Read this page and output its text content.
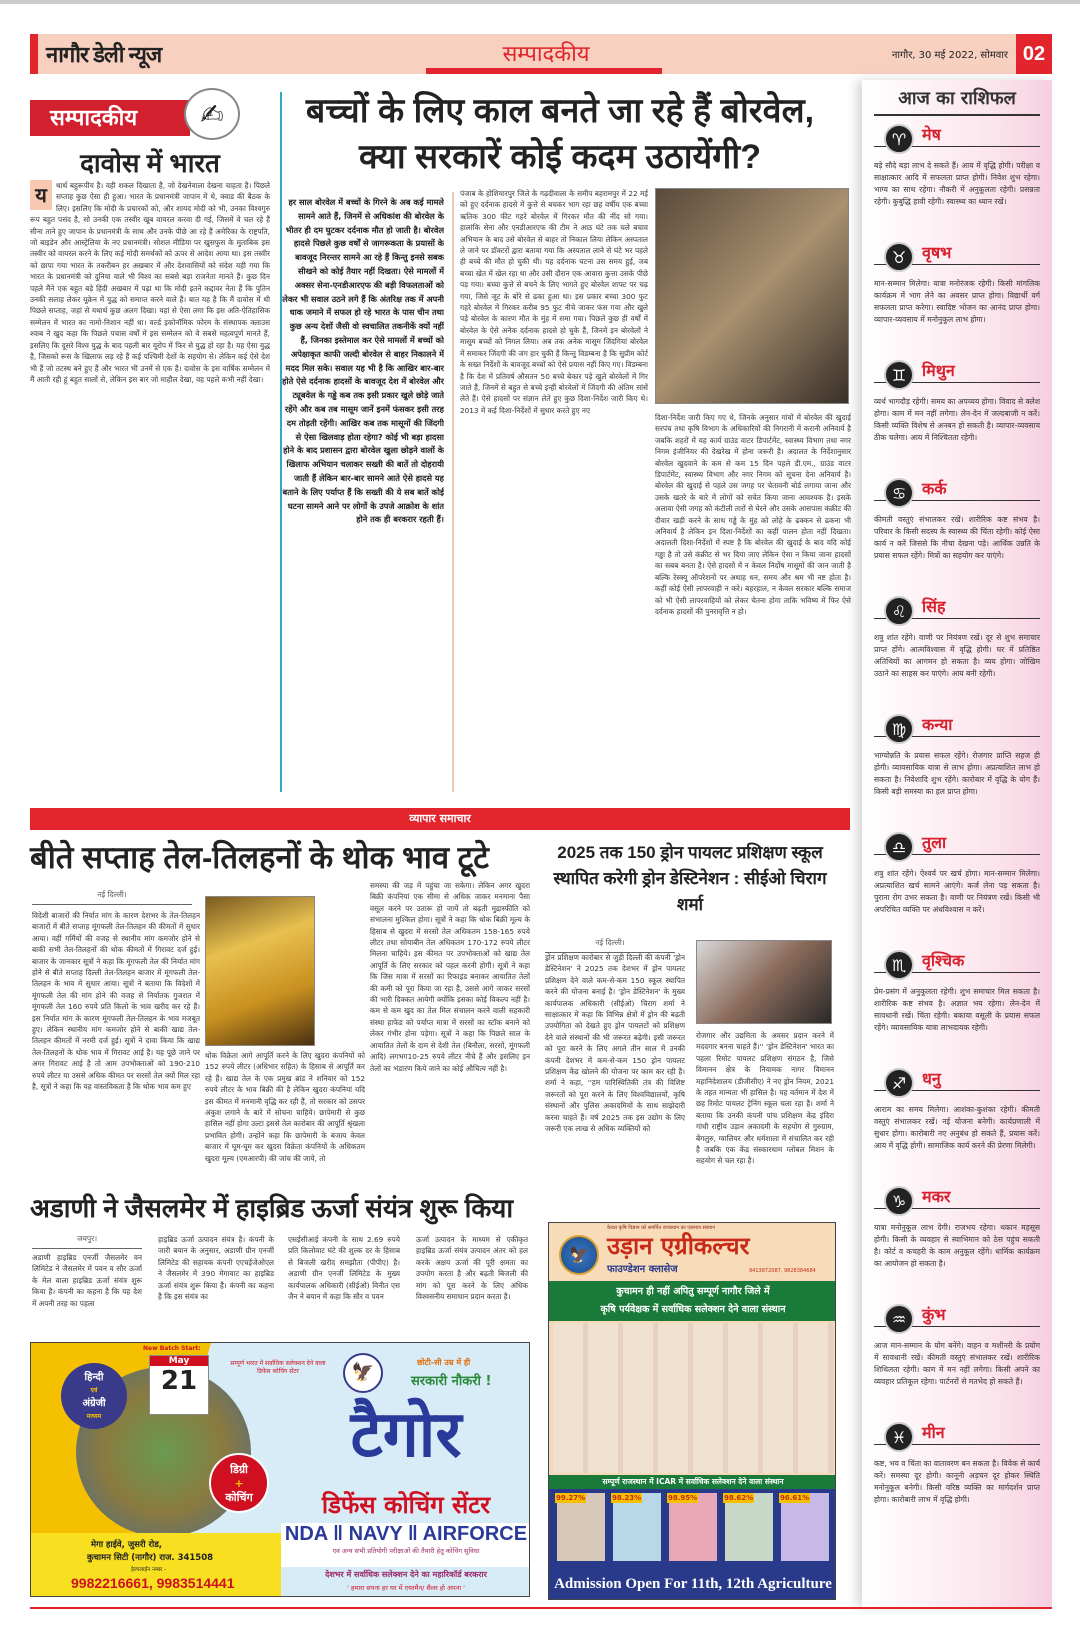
नागौर डेली न्यूज	सम्पादकीय	नागौर, 30 मई 2022, सोमवार 02
सम्पादकीय	✍
दावोस में भारत
य	थार्थ बहुरूपीय है। वही शकल दिखाता है, जो देखनेवाला देखना चाहता है। पिछले सप्ताह कुछ ऐसा ही हुआ। भारत के प्रधानमंत्री जापान में थे, क्वाड की बैठक के लिए। इसलिए कि मोदी के प्रचारकों को, और शायद मोदी को भी, उनका विश्वगुरु रूप बहुत पसंद है, सो उनकी एक तस्वीर खूब वायरल करवा दी गई, जिसमें वे चल रहे हैं सीना ताने हुए जापान के प्रधानमंत्री के साथ और उनके पीछे आ रहे हैं अमेरिका के राष्ट्रपति, जो बाइडेन और आस्ट्रेलिया के नए प्रधानमंत्री। सोशल मीडिया पर खुसफुस के मुताबिक इस तस्वीर को वायरल करने के लिए कई मोदी समर्थकों को ऊपर से आदेश आया था। इस तस्वीर को छापा गया भारत के तकरीबन हर अखबार में और देशवासियों को संदेश यही गया कि भारत के प्रधानमंत्री को दुनिया वाले भी विश्व का सबसे बड़ा राजनेता मानते हैं। कुछ दिन पहले मैंने एक बहुत बड़े हिंदी अखबार में पढ़ा था कि मोदी इतने कद्दावर नेता हैं कि पुतिन उनकी सलाह लेकर यूक्रेन में युद्ध को समाप्त करने वाले हैं। बात यह है कि मैं दावोस में थी पिछले सप्ताह, जहां से यथार्थ कुछ अलग दिखा। यहां से ऐसा लगा कि इस अति-ऐतिहासिक सम्मेलन में भारत का नामो-निशान नहीं था। वर्ल्ड इकोनॉमिक फोरम के संस्थापक क्लाउस श्वाब ने खुद कहा कि पिछले पचास वर्षों में इस सम्मेलन को वे सबसे महत्वपूर्ण मानते हैं, इसलिए कि दूसरे विश्व युद्ध के बाद पहली बार यूरोप में फिर से युद्ध हो रहा है। यह ऐसा युद्ध है, जिसको रूस के खिलाफ लड़ रहे हैं कई पश्चिमी देशों के सहयोग से। लेकिन कई ऐसे देश भी हैं जो तटस्थ बने हुए हैं और भारत भी उनमें से एक है। दावोस के इस वार्षिक सम्मेलन में मैं आती रही हूं बहुत सालों से, लेकिन इस बार जो माहौल देखा, वह पहले कभी नहीं देखा।
बच्चों के लिए काल बनते जा रहे हैं बोरवेल, क्या सरकारें कोई कदम उठायेंगी?
हर साल बोरवेल में बच्चों के गिरने के अब कई मामले सामने आते हैं, जिनमें से अधिकांश की बोरवेल के भीतर ही दम घुटकर दर्दनाक मौत हो जाती है। बोरवेल हादसे पिछले कुछ वर्षों से जागरूकता के प्रयासों के बावजूद निरन्तर सामने आ रहे हैं किन्तु इनसे सबक सीखने को कोई तैयार नहीं दिखता। ऐसे मामलों में अक्सर सेना-एनडीआरएफ की बड़ी विफलताओं को लेकर भी सवाल उठने लगे हैं कि अंतरिक्ष तक में अपनी धाक जमाने में सफल हो रहे भारत के पास चीन तथा कुछ अन्य देशों जैसी वो स्वचालित तकनीकें क्यों नहीं हैं, जिनका इस्तेमाल कर ऐसे मामलों में बच्चों को अपेक्षाकृत काफी जल्दी बोरवेल से बाहर निकालने में मदद मिल सके। सवाल यह भी है कि आखिर बार-बार होते ऐसे दर्दनाक हादसों के बावजूद देश में बोरवेल और ट्यूबवेल के गड्ढे कब तक इसी प्रकार खुले छोड़े जाते रहेंगे और कब तब मासूम जानें इनमें फंसकर इसी तरह दम तोड़ती रहेंगी। आखिर कब तक मासूमों की जिंदगी से ऐसा खिलवाड़ होता रहेगा? कोई भी बड़ा हादसा होने के बाद प्रशासन द्वारा बोरवेल खुला छोड़ने वालों के खिलाफ अभियान चलाकर सख्ती की बातें तो दोहरायी जाती हैं लेकिन बार-बार सामने आते ऐसे हादसे यह बताने के लिए पर्याप्त हैं कि सख्ती की ये सब बातें कोई घटना सामने आने पर लोगों के उपजे आक्रोश के शांत होने तक ही बरकरार रहती हैं।
पंजाब के होशियारपुर जिले के गढ़दीवाला के समीप बहरामपुर में 22 मई को हुए दर्दनाक हादसे में कुत्ते से बचकर भाग रहा छह वर्षीय एक बच्चा ऋतिक 300 फीट गहरे बोरवेल में गिरकर मौत की नींद सो गया। हालांकि सेना और एनडीआरएफ की टीम ने आठ घंटे तक चले बचाव अभियान के बाद उसे बोरवेल से बाहर तो निकाल लिया लेकिन अस्पताल ले जाने पर डॉक्टरों द्वारा बताया गया कि अस्पताल लाने से घंटे भर पहले ही बच्चे की मौत हो चुकी थी। यह दर्दनाक घटना उस समय हुई, जब बच्चा खेत में खेल रहा था और उसी दौरान एक आवारा कुत्ता उसके पीछे पड़ गया। बच्चा कुत्ते से बचने के लिए भागते हुए बोरवेल शाफ्ट पर चढ़ गया, जिसे जूट के बोरे से ढका हुआ था। इस प्रकार बच्चा 300 फुट गहरे बोरवेल में गिरकर करीब 95 फुट नीचे जाकर फंस गया और खुले पड़े बोरवेल के कारण मौत के मुंह में समा गया। पिछले कुछ ही वर्षों में बोरवेल के ऐसे अनेक दर्दनाक हादसे हो चुके हैं, जिनमें इन बोरवेलों ने मासूम बच्चों को निगल लिया। अब तक अनेक मासूम जिंदगियां बोरवेल में समाकर जिंदगी की जंग हार चुकी हैं किन्तु विडम्बना है कि सुप्रीम कोर्ट के सख्त निर्देशों के बावजूद बच्चों को ऐसे प्रयास नहीं किए गए। विडम्बना है कि देश में प्रतिवर्ष औसतन 50 बच्चे बेकार पड़े खुले बोरवेलों में गिर जाते हैं, जिनमें से बहुत से बच्चे इन्हीं बोरवेलों में जिंदगी की अंतिम सांसें लेते हैं। ऐसे हादसों पर संज्ञान लेते हुए कुछ दिशा-निर्देश जारी किए थे। 2013 में कई दिशा-निर्देशों में सुधार करते हुए नए
दिशा-निर्देश जारी किए गए थे, जिनके अनुसार गांवों में बोरवेल की खुदाई सरपंच तथा कृषि विभाग के अधिकारियों की निगरानी में करानी अनिवार्य है जबकि शहरों में यह कार्य ग्राउंड वाटर डिपार्टमेंट, स्वास्थ्य विभाग तथा नगर निगम इंजीनियर की देखरेख में होना जरूरी है। अदालत के निर्देशानुसार बोरवेल खुदवाने के कम से कम 15 दिन पहले डी.एम., ग्राउंड वाटर डिपार्टमेंट, स्वास्थ्य विभाग और नगर निगम को सूचना देना अनिवार्य है। बोरवेल की खुदाई से पहले उस जगह पर चेतावनी बोर्ड लगाया जाना और उसके खतरे के बारे में लोगों को सचेत किया जाना आवश्यक है। इसके अलावा ऐसी जगह को कंटीली तारों से घेरने और उसके आसपास कंक्रीट की दीवार खड़ी करने के साथ गड्ढे के मुंह को लोहे के ढक्कन से ढकना भी अनिवार्य है लेकिन इन दिशा-निर्देशों का कहीं पालन होता नहीं दिखता। अदालती दिशा-निर्देशों में स्पष्ट है कि बोरवेल की खुदाई के बाद यदि कोई गड्ढा है तो उसे कंक्रीट से भर दिया जाए लेकिन ऐसा न किया जाना हादसों का सबब बनता है। ऐसे हादसों में न केवल निर्दोष मासूमों की जान जाती है बल्कि रेस्क्यू ऑपरेशनों पर अथाह धन, समय और श्रम भी नष्ट होता है। कहीं कोई ऐसी लापरवाही न करे। बहरहाल, न केवल सरकार बल्कि समाज को भी ऐसी लापरवाहियों को लेकर चेतना होगा ताकि भविष्य में फिर ऐसे दर्दनाक हादसों की पुनरावृत्ति न हो।
व्यापार समाचार
बीते सप्ताह तेल-तिलहनों के थोक भाव टूटे
नई दिल्ली।
विदेशी बाजारों की निर्यात मांग के कारण देशभर के तेल-तिलहन बाजारों में बीते सप्ताह मूंगफली तेल-तिलहन की कीमतों में सुधार आया। वहीं गर्मियों की वजह से स्थानीय मांग कमजोर होने से बाकी सभी तेल-तिलहनों की थोक कीमतों में गिरावट दर्ज हुई। बाजार के जानकार सूत्रों ने कहा कि मूंगफली तेल की निर्यात मांग होने से बीते सप्ताह दिल्ली तेल-तिलहन बाजार में मूंगफली तेल-तिलहन के भाव में सुधार आया। सूत्रों ने बताया कि विदेशों में मूंगफली तेल की मांग होने की वजह से निर्यातक गुजरात में मूंगफली तेल 160 रुपये प्रति किलो के भाव खरीद कर रहे हैं। इस निर्यात मांग के कारण मूंगफली तेल-तिलहन के भाव मजबूत हुए। लेकिन स्थानीय मांग कमजोर होने से बाकी खाद्य तेल-तिलहन कीमतों में नरमी दर्ज हुई। सूत्रों ने दावा किया कि खाद्य तेल-तिलहनों के थोक भाव में गिरावट आई है। यह पूछे जाने पर अगर गिरावट आई है तो आम उपभोक्ताओं को 190-210 रुपये लीटर या उससे अधिक कीमत पर सरसों तेल क्यों मिल रहा है, सूत्रों ने कहा कि यह वास्तविकता है कि थोक भाव कम हुए
थोक विक्रेता आगे आपूर्ति करने के लिए खुदरा कंपनियों को 152 रुपये लीटर (अधिभार सहित) के हिसाब से आपूर्ति कर रहे हैं। खाद्य तेल के एक प्रमुख ब्रांड ने शनिवार को 152 रुपये लीटर के भाव बिक्री की है लेकिन खुदरा कंपनियां यदि इस कीमत में मनमानी वृद्धि कर रही हैं, तो सरकार को उसपर अंकुश लगाने के बारे में सोचना चाहिये। छापेमारी से कुछ हासिल नहीं होगा उल्टा इससे तेल कारोबार की आपूर्ति श्रृंखला प्रभावित होगी। उन्होंने कहा कि छापेमारी के बजाय केवल बाजार में घूम-घूम कर खुदरा विक्रेता कंपनियों के अधिकतम खुदरा मूल्य (एमआरपी) की जांच की जाये, तो
समस्या की जड़ में पहुंचा जा सकेगा। लेकिन अगर खुदरा बिक्री कंपनियां एक सीमा से अधिक जाकर मनमाना पैसा वसूल करने पर उतारू हो जायें तो बढ़ती मुद्रास्फीति को संभालना मुश्किल होगा। सूत्रों ने कहा कि थोक बिक्री मूल्य के हिसाब से खुदरा में सरसों तेल अधिकतम 158-165 रुपये लीटर तथा सोयाबीन तेल अधिकतम 170-172 रुपये लीटर मिलना चाहिये। इस कीमत पर उपभोक्ताओं को खाद्य तेल आपूर्ति के लिए सरकार को पहल करनी होगी। सूत्रों ने कहा कि जिस मात्रा में सरसों का रिफाइंड बनाकर आयातित तेलों की कमी को पूरा किया जा रहा है, उससे आगे जाकर सरसों की भारी दिक्कत आयेगी क्योंकि इसका कोई विकल्प नहीं है। कम से कम खुद का तेल मिल संचालन करने वाली सहकारी संस्था हाफेड को पर्याप्त मात्रा में सरसों का स्टॉक बनाने को लेकर गंभीर होना पड़ेगा। सूत्रों ने कहा कि पिछले साल के आयातित तेलों के दाम से देशी तेल (बिनौला, सरसों, मूंगफली आदि) लगभग10-25 रुपये लीटर नीचे हैं और इसलिए इन तेलों का भंडारण किये जाने का कोई औचित्य नहीं है।
2025 तक 150 ड्रोन पायलट प्रशिक्षण स्कूल स्थापित करेगी ड्रोन डेस्टिनेशन : सीईओ चिराग शर्मा
नई दिल्ली।
ड्रोन प्रशिक्षण कारोबार से जुड़ी दिल्ली की कंपनी 'ड्रोन डेस्टिनेशन' ने 2025 तक देशभर में ड्रोन पायलट प्रशिक्षण देने वाले कम-से-कम 150 स्कूल स्थापित करने की योजना बनाई है। 'ड्रोन डेस्टिनेशन' के मुख्य कार्यपालक अधिकारी (सीईओ) चिराग शर्मा ने साक्षात्कार में कहा कि विभिन्न क्षेत्रों में ड्रोन की बढ़ती उपयोगिता को देखते हुए ड्रोन पायलटों को प्रशिक्षण देने वाले संस्थानों की भी जरूरत बढ़ेगी। इसी जरूरत को पूरा करने के लिए अगले तीन साल में उनकी कंपनी देशभर में कम-से-कम 150 ड्रोन पायलट प्रशिक्षण केंद्र खोलने की योजना पर काम कर रही है। शर्मा ने कहा, ''हम पारिस्थितिकी तंत्र की विशिष्ट जरूरतों को पूरा करने के लिए विश्वविद्यालयों, कृषि संस्थानों और पुलिस अकादमियों के साथ साझेदारी करना चाहते हैं। वर्ष 2025 तक इस उद्योग के लिए जरूरी एक लाख से अधिक व्यक्तियों को
रोजगार और उद्यमिता के अवसर प्रदान करने में मददगार बनना चाहते हैं।'' 'ड्रोन डेस्टिनेशन' भारत का पहला रिमोट पायलट प्रशिक्षण संगठन है, जिसे विमानन क्षेत्र के नियामक नागर विमानन महानिदेशालय (डीजीसीए) ने नए ड्रोन नियम, 2021 के तहत मान्यता भी हासिल है। यह वर्तमान में देश में छह रिमोट पायलट ट्रेनिंग स्कूल चला रहा है। शर्मा ने बताया कि उनकी कंपनी पांच प्रशिक्षण केंद्र इंदिरा गांधी राष्ट्रीय उड़ान अकादमी के सहयोग से गुरुग्राम, बेंगलुरु, ग्वालियर और धर्मशाला में संचालित कर रही है जबकि एक केंद्र संस्कारधाम ग्लोबल मिशन के सहयोग से चल रहा है।
अडाणी ने जैसलमेर में हाइब्रिड ऊर्जा संयंत्र शुरू किया
जयपुर।
अडाणी हाइब्रिड एनर्जी जैसलमेर वन लिमिटेड ने जैसलमेर में पवन व सौर ऊर्जा के मेल वाला हाइब्रिड ऊर्जा संयंत्र शुरू किया है। कंपनी का कहना है कि यह देश में अपनी तरह का पहला
हाइब्रिड ऊर्जा उत्पादन संयंत्र है। कंपनी के जारी बयान के अनुसार, अडाणी ग्रीन एनर्जी लिमिटेड की सहायक कंपनी एएचईजेओएल ने जैसलमेर में 390 मेगावाट का हाइब्रिड ऊर्जा संयंत्र शुरू किया है। कंपनी का कहना है कि इस संयंत्र का
एसईसीआई कंपनी के साथ 2.69 रुपये प्रति किलोवाट घंटे की शुल्क दर के हिसाब से बिजली खरीद समझौता (पीपीए) है। अडाणी ग्रीन एनर्जी लिमिटेड के मुख्य कार्यपालक अधिकारी (सीईओ) विनीत एस जैन ने बयान में कहा कि सौर व पवन
ऊर्जा उत्पादन के माध्यम से एकीकृत हाइब्रिड ऊर्जा संयंत्र उत्पादन अंतर को हल करके अक्षय ऊर्जा की पूरी क्षमता का उपयोग करता है और बढ़ती बिजली की मांग को पूरा करने के लिए अधिक विश्वसनीय समाधान प्रदान करता है।
हिन्दी
एवं
अंग्रेजी
माध्यम
New Batch Start:
May
21
डिग्री
+
कोचिंग
सम्पूर्ण भारत में सर्वाधिक सलेक्शन देने वाला डिफेंस कोचिंग सेंटर	🦅	छोटी-सी उम्र में ही
सरकारी नौकरी !
टैगोर
डिफेंस कोचिंग सेंटर
NDA ‖ NAVY ‖ AIRFORCE
एवं अन्य सभी प्रतियोगी परीक्षाओं की तैयारी हेतु कोचिंग सुविधा
मेगा हाईवे, जुसरी रोड,
कुचामन सिटी (नागौर) राज. 341508
हेल्पलाईन नम्बर -
9982216661, 9983514441
देशभर में सर्वाधिक सलेक्शन देने का महारिकॉर्ड बरकरार
' हमारा सपना हर घर में एयरमैन/ सैलर हो अपना '
🦅
केवल कृषि विज्ञान को समर्पित राजस्थान का एकमात्र संस्थान
उड़ान एग्रीकल्चर
फाउण्डेशन क्लासेज	9413872087, 9828384684
कुचामन ही नहीं अपितु सम्पूर्ण नागौर जिले में
कृषि पर्यवेक्षक में सर्वाधिक सलेक्शन देने वाला संस्थान
सम्पूर्ण राजस्थान में ICAR में सर्वाधिक सलेक्शन देने वाला संस्थान
99.27%	98.23%	98.95%	98.62%	96.61%
Admission Open For 11th, 12th Agriculture
आज का राशिफल
♈ मेष
बड़े सौदे बड़ा लाभ दे सकते हैं। आय में वृद्धि होगी। परीक्षा व साक्षात्कार आदि में सफलता प्राप्त होगी। निवेश शुभ रहेगा। भाग्य का साथ रहेगा। नौकरी में अनुकूलता रहेगी। प्रसन्नता रहेगी। कुबुद्धि हावी रहेगी। स्वास्थ्य का ध्यान रखें।
♉ वृषभ
मान-सम्मान मिलेगा। यात्रा मनोरंजक रहेगी। किसी मांगलिक कार्यक्रम में भाग लेने का अवसर प्राप्त होगा। विद्यार्थी वर्ग सफलता प्राप्त करेगा। स्वादिष्ट भोजन का आनंद प्राप्त होगा। व्यापार-व्यवसाय में मनोनुकूल लाभ होगा।
♊ मिथुन
व्यर्थ भागदौड़ रहेगी। समय का अपव्यय होगा। विवाद से क्लेश होगा। काम में मन नहीं लगेगा। लेन-देन में जल्दबाजी न करें। किसी व्यक्ति विशेष से अनबन हो सकती है। व्यापार-व्यवसाय ठीक चलेगा। आय में निश्चितता रहेगी।
♋ कर्क
कीमती वस्तुएं संभालकर रखें। शारीरिक कष्ट संभव है। परिवार के किसी सदस्य के स्वास्थ्य की चिंता रहेगी। कोई ऐसा कार्य न करें जिससे कि नीचा देखना पड़े। आर्थिक उन्नति के प्रयास सफल रहेंगे। मित्रों का सहयोग कर पाएंगे।
♌ सिंह
शत्रु शांत रहेंगे। वाणी पर नियंत्रण रखें। दूर से शुभ समाचार प्राप्त होंगे। आत्मविश्वास में वृद्धि होगी। घर में प्रतिष्ठित अतिथियों का आगमन हो सकता है। व्यय होगा। जोखिम उठाने का साहस कर पाएंगे। आय बनी रहेगी।
♍ कन्या
भाग्योन्नति के प्रयास सफल रहेंगे। रोजगार प्राप्ति सहज ही होगी। व्यावसायिक यात्रा से लाभ होगा। अप्रत्याशित लाभ हो सकता है। निवेशादि शुभ रहेंगे। कारोबार में वृद्धि के योग हैं। किसी बड़ी समस्या का हल प्राप्त होगा।
♎ तुला
शत्रु शांत रहेंगे। ऐश्वर्य पर खर्च होगा। मान-सम्मान मिलेगा। अप्रत्याशित खर्च सामने आएंगे। कर्ज लेना पड़ सकता है। पुराना रोग उभर सकता है। वाणी पर नियंत्रण रखें। किसी भी अपरिचित व्यक्ति पर अंधविश्वास न करें।
♏ वृश्चिक
प्रेम-प्रसंग में अनुकूलता रहेगी। शुभ समाचार मिल सकता है। शारीरिक कष्ट संभव है। अज्ञात भय रहेगा। लेन-देन में सावधानी रखें। चिंता रहेगी। बकाया वसूली के प्रयास सफल रहेंगे। व्यावसायिक यात्रा लाभदायक रहेगी।
♐ धनु
आराम का समय मिलेगा। आशंका-कुशंका रहेगी। कीमती वस्तुएं संभालकर रखें। नई योजना बनेगी। कार्यप्रणाली में सुधार होगा। कारोबारी नए अनुबंध हो सकते हैं, प्रयास करें। आय में वृद्धि होगी। सामाजिक कार्य करने की प्रेरणा मिलेगी।
♑ मकर
यात्रा मनोनुकूल लाभ देगी। राजभय रहेगा। थकान महसूस होगी। किसी के व्यवहार से स्वाभिमान को ठेस पहुंच सकती है। कोर्ट व कचहरी के काम अनुकूल रहेंगे। धार्मिक कार्यक्रम का आयोजन हो सकता है।
♒ कुंभ
आज मान-सम्मान के योग बनेंगे। वाहन व मशीनरी के प्रयोग में सावधानी रखें। कीमती वस्तुएं संभालकर रखें। शारीरिक शिथिलता रहेगी। काम में मन नहीं लगेगा। किसी अपने का व्यवहार प्रतिकूल रहेगा। पार्टनरों से मतभेद हो सकते हैं।
♓ मीन
कष्ट, भय व चिंता का वातावरण बन सकता है। विवेक से कार्य करें। समस्या दूर होगी। कानूनी अड़चन दूर होकर स्थिति मनोनुकूल बनेगी। किसी वरिष्ठ व्यक्ति का मार्गदर्शन प्राप्त होगा। कारोबारी लाभ में वृद्धि होगी।
